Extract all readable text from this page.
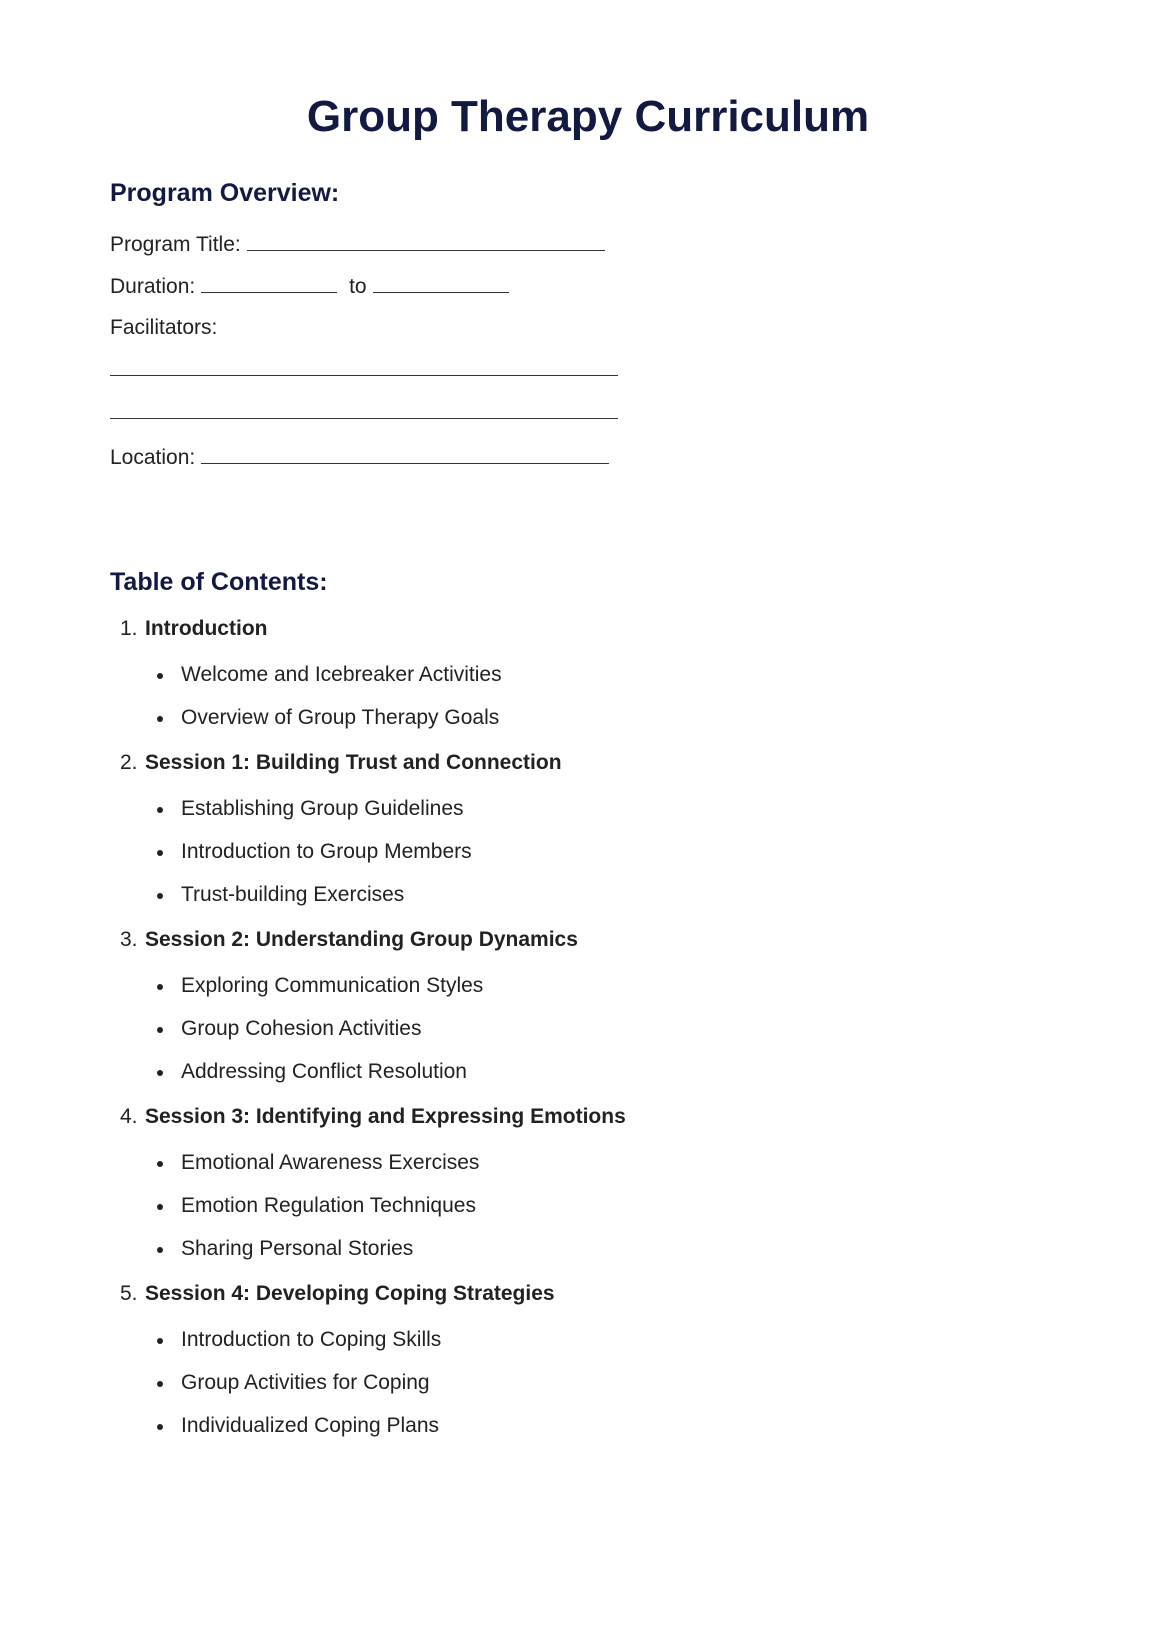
Group Therapy Curriculum
Program Overview:
Program Title:
Duration:	to
Facilitators:
Location:
Table of Contents:
1. Introduction
Welcome and Icebreaker Activities
Overview of Group Therapy Goals
2. Session 1: Building Trust and Connection
Establishing Group Guidelines
Introduction to Group Members
Trust-building Exercises
3. Session 2: Understanding Group Dynamics
Exploring Communication Styles
Group Cohesion Activities
Addressing Conflict Resolution
4. Session 3: Identifying and Expressing Emotions
Emotional Awareness Exercises
Emotion Regulation Techniques
Sharing Personal Stories
5. Session 4: Developing Coping Strategies
Introduction to Coping Skills
Group Activities for Coping
Individualized Coping Plans
